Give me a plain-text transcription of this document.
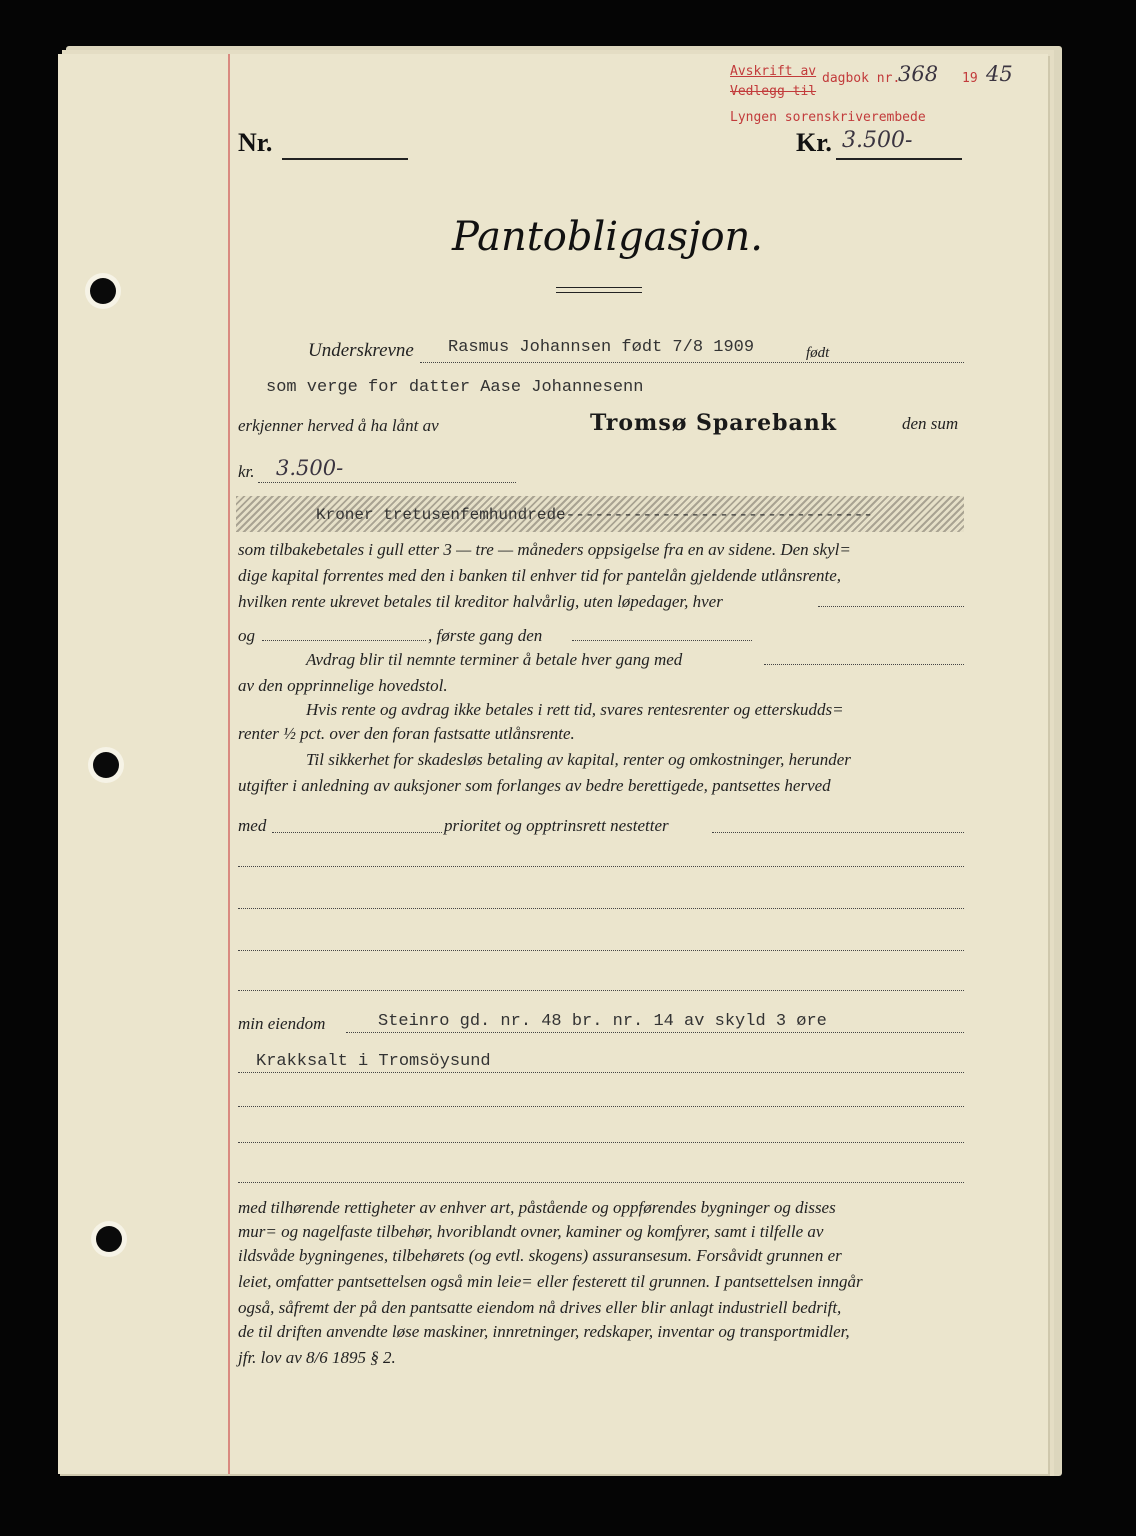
Avskrift av
Vedlegg til
Lyngen sorenskriverembede
dagbok nr.
368 19 45
Nr.	Kr. 3.500-
Pantobligasjon.
Underskrevne Rasmus Johannsen født 7/8 1909	født
som verge for datter Aase Johannesenn
erkjenner herved å ha lånt av	Tromsø Sparebank	den sum
kr. 3.500-
Kroner tretusenfemhundrede--------------------------------
som tilbakebetales i gull etter 3 — tre — måneders oppsigelse fra en av sidene. Den skyl=
dige kapital forrentes med den i banken til enhver tid for pantelån gjeldende utlånsrente,
hvilken rente ukrevet betales til kreditor halvårlig, uten løpedager, hver
og	, første gang den
Avdrag blir til nemnte terminer å betale hver gang med
av den opprinnelige hovedstol.
Hvis rente og avdrag ikke betales i rett tid, svares rentesrenter og etterskudds=
renter ½ pct. over den foran fastsatte utlånsrente.
Til sikkerhet for skadesløs betaling av kapital, renter og omkostninger, herunder
utgifter i anledning av auksjoner som forlanges av bedre berettigede, pantsettes herved
med	prioritet og opptrinsrett nestetter
min eiendom	Steinro gd. nr. 48 br. nr. 14 av skyld 3 øre
Krakksalt i Tromsöysund
med tilhørende rettigheter av enhver art, påstående og oppførendes bygninger og disses
mur= og nagelfaste tilbehør, hvoriblandt ovner, kaminer og komfyrer, samt i tilfelle av
ildsvåde bygningenes, tilbehørets (og evtl. skogens) assuransesum. Forsåvidt grunnen er
leiet, omfatter pantsettelsen også min leie= eller festerett til grunnen. I pantsettelsen inngår
også, såfremt der på den pantsatte eiendom nå drives eller blir anlagt industriell bedrift,
de til driften anvendte løse maskiner, innretninger, redskaper, inventar og transportmidler,
jfr. lov av 8/6 1895 § 2.
